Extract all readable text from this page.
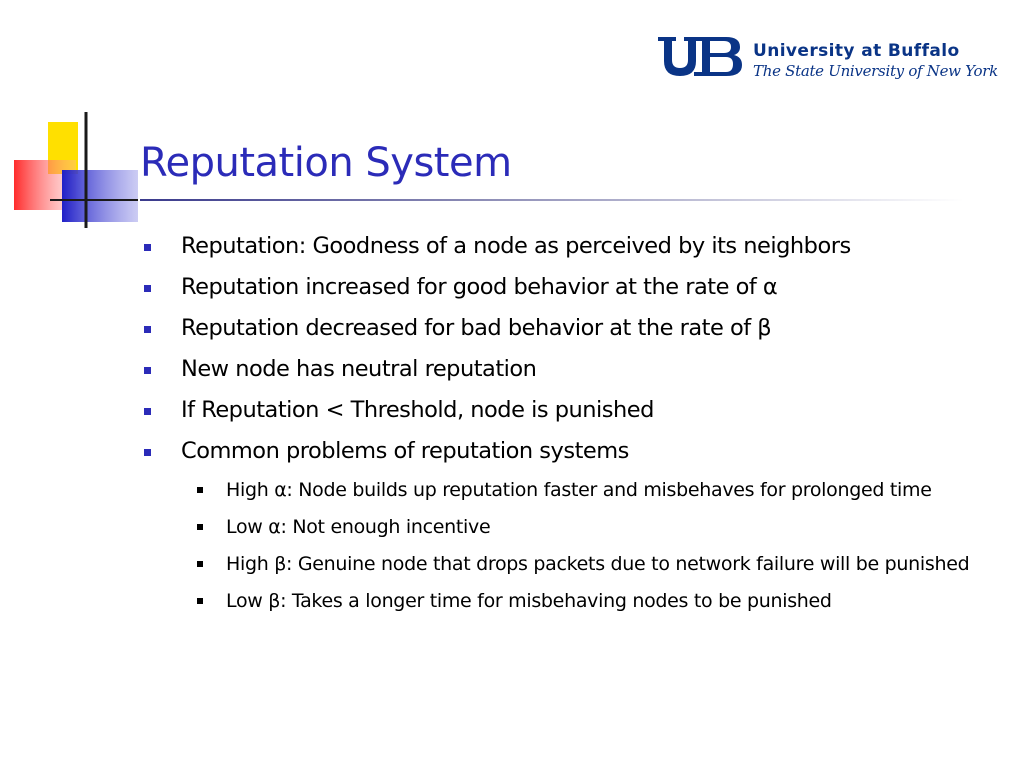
University at Buffalo
The State University of New York
Reputation System
Reputation: Goodness of a node as perceived by its neighbors
Reputation increased for good behavior at the rate of α
Reputation decreased for bad behavior at the rate of β
New node has neutral reputation
If Reputation < Threshold, node is punished
Common problems of reputation systems
High α: Node builds up reputation faster and misbehaves for prolonged time
Low α: Not enough incentive
High β: Genuine node that drops packets due to network failure will be punished
Low β: Takes a longer time for misbehaving nodes to be punished
